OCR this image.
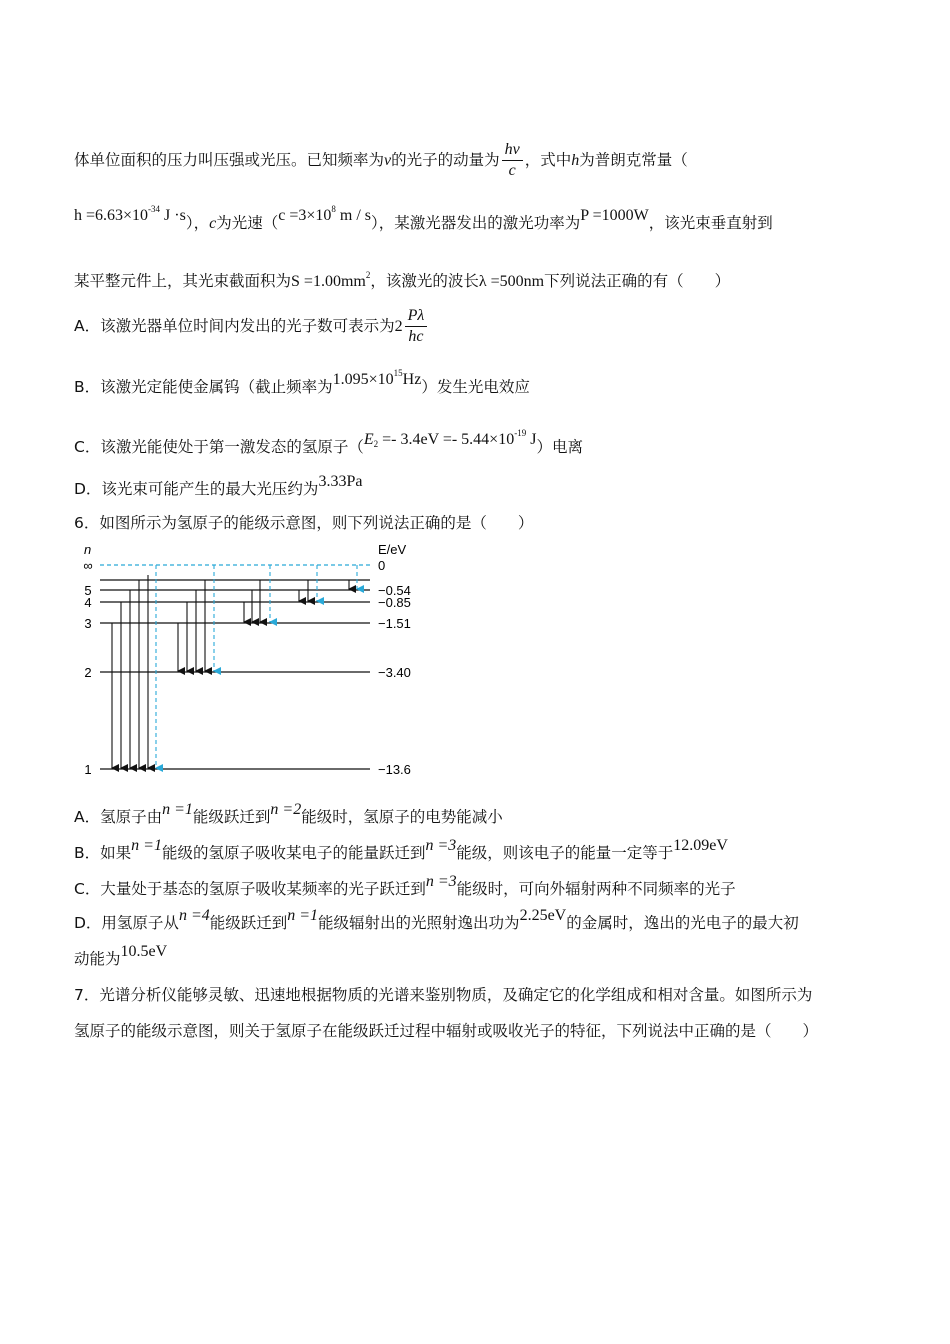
体单位面积的压力叫压强或光压。已知频率为ν的光子的动量为 $\frac{h\nu}{c}$ ，式中h为普朗克常量（
$h =6.63\times 10^{-34}$ J ·s），c为光速（$c =3\times 10^8$ m / s），某激光器发出的激光功率为P =1000W，该光束垂直射到
某平整元件上，其光束截面积为$S =1.00mm^2$，该激光的波长λ =500nm下列说法正确的有（　　）
A．该激光器单位时间内发出的光子数可表示为$2 \frac{P\lambda}{hc}$
B．该激光定能使金属钨（截止频率为$1.095\times 10^{15}Hz$）发生光电效应
C．该激光能使处于第一激发态的氢原子（$E_2 =- 3.4eV =- 5.44\times 10^{-19}$ J）电离
D．该光束可能产生的最大光压约为3.33Pa
6．如图所示为氢原子的能级示意图，则下列说法正确的是（　　）
∞	0
5	−0.54
4	−0.85
3	−1.51
2	−3.40
1	−13.6
n	E/eV
A．氢原子由n =1能级跃迁到n =2能级时，氢原子的电势能减小
B．如果n =1能级的氢原子吸收某电子的能量跃迁到n =3能级，则该电子的能量一定等于12.09eV
C．大量处于基态的氢原子吸收某频率的光子跃迁到n =3能级时，可向外辐射两种不同频率的光子
D．用氢原子从n =4能级跃迁到n =1能级辐射出的光照射逸出功为2.25eV的金属时，逸出的光电子的最大初
动能为10.5eV
7．光谱分析仪能够灵敏、迅速地根据物质的光谱来鉴别物质，及确定它的化学组成和相对含量。如图所示为
氢原子的能级示意图，则关于氢原子在能级跃迁过程中辐射或吸收光子的特征，下列说法中正确的是（　　）
